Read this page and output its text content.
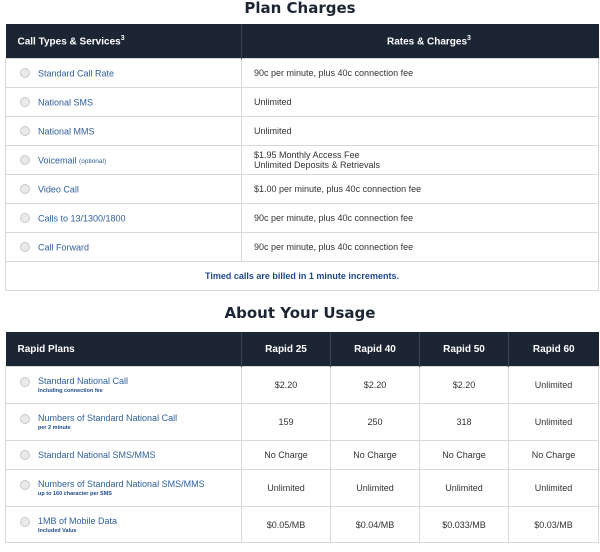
Plan Charges
Call Types & Services$^3$	Rates & Charges$^3$
Standard Call Rate	90c per minute, plus 40c connection fee

National SMS	Unlimited

National MMS	Unlimited

Voicemail (optional)	$1.95 Monthly Access Fee
Unlimited Deposits & Retrievals

Video Call	$1.00 per minute, plus 40c connection fee

Calls to 13/1300/1800	90c per minute, plus 40c connection fee

Call Forward	90c per minute, plus 40c connection fee

Timed calls are billed in 1 minute increments.	
About Your Usage
Rapid Plans	Rapid 25	Rapid 40	Rapid 50	Rapid 60

Standard National Call
Including connection fee	$2.20	$2.20	$2.20	Unlimited

Numbers of Standard National Call
per 2 minute	159	250	318	Unlimited

Standard National SMS/MMS	No Charge	No Charge	No Charge	No Charge

Numbers of Standard National SMS/MMS
up to 160 character per SMS	Unlimited	Unlimited	Unlimited	Unlimited

1MB of Mobile Data
Included Value	$0.05/MB	$0.04/MB	$0.033/MB	$0.03/MB
